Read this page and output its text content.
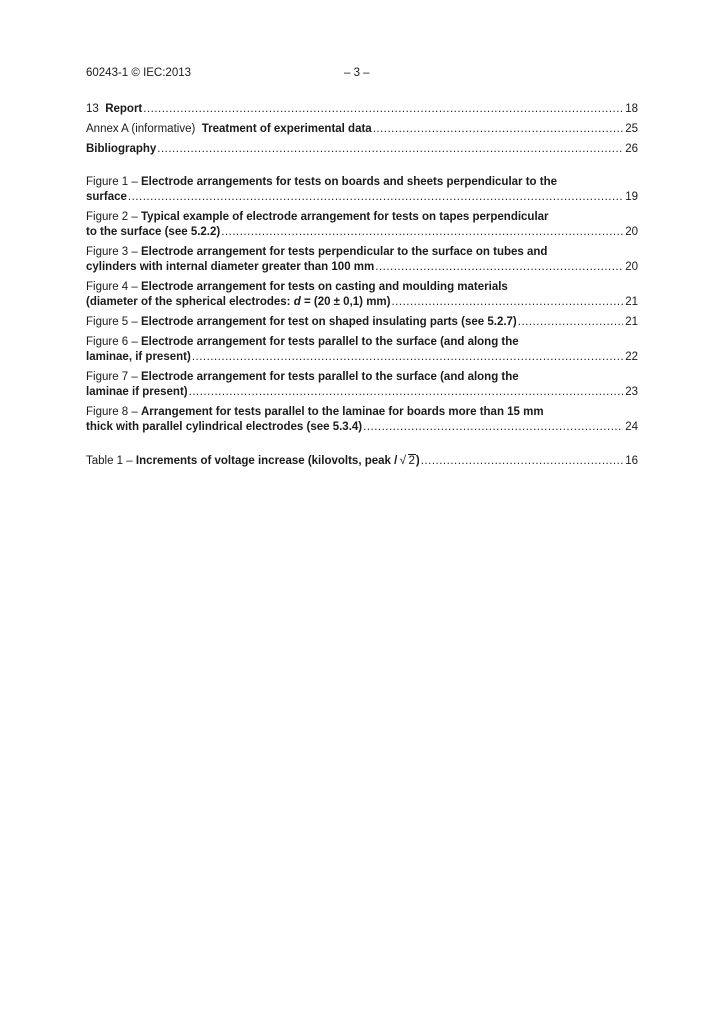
60243-1 © IEC:2013	– 3 –
13 Report .....	18
Annex A (informative) Treatment of experimental data .....	25
Bibliography .....	26
Figure 1 – Electrode arrangements for tests on boards and sheets perpendicular to the
surface .....	19
Figure 2 – Typical example of electrode arrangement for tests on tapes perpendicular
to the surface (see 5.2.2) .....	20
Figure 3 – Electrode arrangement for tests perpendicular to the surface on tubes and
cylinders with internal diameter greater than 100 mm .....	20
Figure 4 – Electrode arrangement for tests on casting and moulding materials
(diameter of the spherical electrodes: d = (20 ± 0,1) mm) .....	21
Figure 5 – Electrode arrangement for test on shaped insulating parts (see 5.2.7) .....	21
Figure 6 – Electrode arrangement for tests parallel to the surface (and along the
laminae, if present) .....	22
Figure 7 – Electrode arrangement for tests parallel to the surface (and along the
laminae if present) .....	23
Figure 8 – Arrangement for tests parallel to the laminae for boards more than 15 mm
thick with parallel cylindrical electrodes (see 5.3.4) .....	24
Table 1 – Increments of voltage increase (kilovolts, peak / √ 2) .....	16
